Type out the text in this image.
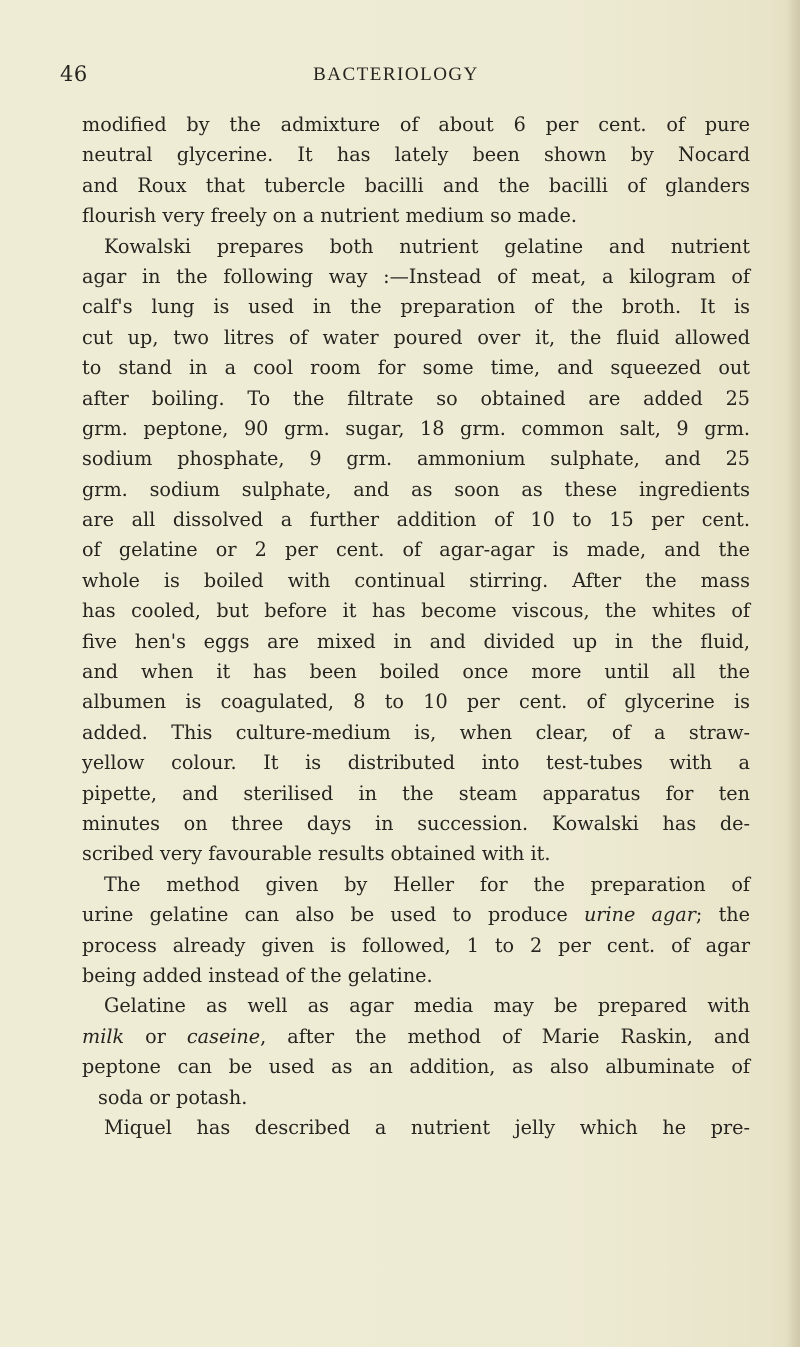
46	BACTERIOLOGY
modified by the admixture of about 6 per cent. of pure
neutral glycerine. It has lately been shown by Nocard
and Roux that tubercle bacilli and the bacilli of glanders
flourish very freely on a nutrient medium so made.
Kowalski prepares both nutrient gelatine and nutrient
agar in the following way :—Instead of meat, a kilogram of
calf's lung is used in the preparation of the broth. It is
cut up, two litres of water poured over it, the fluid allowed
to stand in a cool room for some time, and squeezed out
after boiling. To the filtrate so obtained are added 25
grm. peptone, 90 grm. sugar, 18 grm. common salt, 9 grm.
sodium phosphate, 9 grm. ammonium sulphate, and 25
grm. sodium sulphate, and as soon as these ingredients
are all dissolved a further addition of 10 to 15 per cent.
of gelatine or 2 per cent. of agar-agar is made, and the
whole is boiled with continual stirring. After the mass
has cooled, but before it has become viscous, the whites of
five hen's eggs are mixed in and divided up in the fluid,
and when it has been boiled once more until all the
albumen is coagulated, 8 to 10 per cent. of glycerine is
added. This culture-medium is, when clear, of a straw-
yellow colour. It is distributed into test-tubes with a
pipette, and sterilised in the steam apparatus for ten
minutes on three days in succession. Kowalski has de-
scribed very favourable results obtained with it.
The method given by Heller for the preparation of
urine gelatine can also be used to produce urine agar; the
process already given is followed, 1 to 2 per cent. of agar
being added instead of the gelatine.
Gelatine as well as agar media may be prepared with
milk or caseine, after the method of Marie Raskin, and
peptone can be used as an addition, as also albuminate of
soda or potash.
Miquel has described a nutrient jelly which he pre-
